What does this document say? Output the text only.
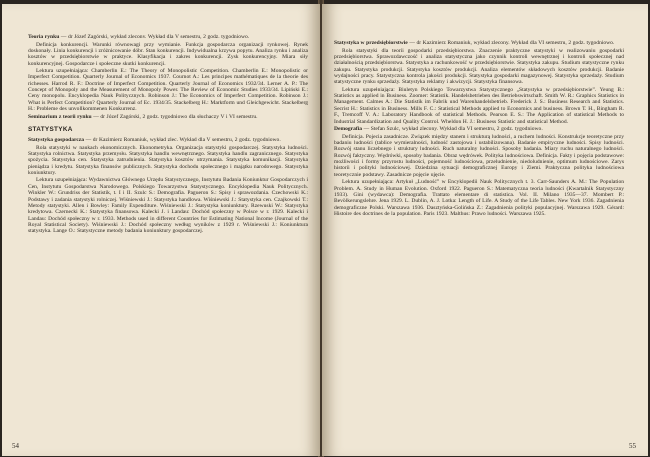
Teoria rynku — dr Józef Zagórski, wykład zleconv. Wykład dla V semestru, 2 godz. tygodniowo.

Definicja konkurencji. Warunki równowagi przy wymianie. Funkcja gospodarcza organizacji rynkowej. Rynek doskonały. Linia konkurencji i zróżnicowanie dóbr. Stan konkurencji. Indywidualna krzywa popytu. Analiza rynku i analiza kosztów w przedsiębiorstwie w praktyce. Klasyfikacja i zakres konkurencji. Zysk konkurencyjny. Miara siły konkurencyjnej. Gospodarcze i społeczne skutki konkurencji.

Lektura uzupełniająca: Chamberlin E.: The Theory of Monopolistic Competition. Chamberlin E.: Monopolistic or Imperfect Competition. Quarterly Journal of Economics 1937. Cournot A.: Les principes mathématiques de la theorie des richesses. Harrod R. F.: Doctrine of Imperfect Competition. Quarterly Journal of Economics 1932/34. Lerner A. P.: The Concept of Monopoly and the Measurement of Monopoly Power. The Review of Economic Studies 1933/34. Lipiński E.: Ceny monopolu. Encyklopedia Nauk Politycznych. Robinson J.: The Economics of Imperfect Competition. Robinson J.: What is Perfect Competition? Quarterly Journal of Ec. 1934/35. Stackelberg H.: Marktform und Gleichgewicht. Stackelberg H.: Probleme des unvollkommenen Konkurrenz.

Seminarium z teorii rynku — dr Józef Zagórski, 2 godz. tygodniowo dla słuchaczy V i VI semestru.

STATYSTYKA

Statystyka gospodarcza — dr Kazimierz Romaniuk, wykład zlec. Wykład dla V semestru, 2 godz. tygodniowo.

Rola statystyki w naukach ekonomicznych. Ekonometryka. Organizacja statystyki gospodarczej. Statystyka ludności. Statystyka rolnictwa. Statystyka przemysłu. Statystyka handlu wewnętrznego. Statystyka handlu zagranicznego. Statystyka spożycia. Statystyka cen. Statystyka zatrudnienia. Statystyka kosztów utrzymania. Statystyka komunikacji. Statystyka pieniądza i kredytu. Statystyka finansów publicznych. Statystyka dochodu społecznego i majątku narodowego. Statystyka koniunktury.

Lektura uzupełniająca: Wydawnictwa Głównego Urzędu Statystycznego, Instytutu Badania Koniunktur Gospodarczych i Cen, Instytutu Gospodarstwa Narodowego. Polskiego Towarzystwa Statystycznego. Encyklopedia Nauk Politycznych. Winkler W.: Grundriss der Statistik, t. I i II. Szulc S.: Demografia. Pagueron S.: Spisy i sprawozdania. Czechowski K.: Podstawy i zadania statystyki rolniczej. Wiśniewski J.: Statystyka handlowa. Wiśniewski J.: Statystyka cen. Czajkowski T.: Metody statystyki. Allen i Bowley: Family Expenditure. Wiśniewski J.: Statystyka koniunktury. Rzewuski W.: Statystyka kredytowa. Czernecki K.: Statystyka finansowa. Kalecki J. i Landau: Dochód społeczny w Polsce w r. 1929. Kalecki i Landau: Dochód społeczny w r. 1933. Methods used in different Countries for Estimating National Income (Journal of the Royal Statistical Society). Wiśniewski J.: Dochód społeczny według wyników z 1929 r. Wiśniewski J.: Koniunktura statystyka. Lange O.: Statystyczne metody badania koniunktury gospodarczej.

54

Statystyka w przedsiębiorstwie — dr Kazimierz Romaniuk, wykład zlecony. Wykład dla VI semestru, 2 godz. tygodniowo.

Rola statystyki dla teorii gospodarki przedsiębiorstwa. Znaczenie praktyczne statystyki w realizowaniu gospodarki przedsiębiorstwa. Sprawozdawczość i analiza statystyczna jako czynnik kontroli wewnętrznej i kontroli społecznej nad działalnością przedsiębiorstwa. Statystyka a rachunkowość w przedsiębiorstwie. Statystyka zakupu. Studium statystyczne rynku zakupu. Statystyka produkcji. Statystyka kosztów produkcji. Analiza elementów składowych kosztów produkcji. Badanie wydajności pracy. Statystyczna kontrola jakości produkcji. Statystyka gospodarki magazynowej. Statystyka sprzedaży. Studium statystyczne rynku sprzedaży. Statystyka reklamy i akwizycji. Statystyka finansowa.

Lektura uzupełniająca: Biuletyn Polskiego Towarzystwa Statystycznego „Statystyka w przedsiębiorstwie”. Yeung B.: Statistics as applied in Business. Zoomer: Statistik. Handelsbetrieben des Betriebswirtschaft. Smith W. R.: Graphics Statistics in Management. Calmes A.: Die Statistik im Fabrik und Warenhandelsbetrieb. Frederick J. S.: Business Research and Statistics. Secrist H.: Statistics in Business. Mills F. C.: Statistical Methods applied to Economics and business. Brown T. H., Bingham R. F., Tremcoff V. A.: Laboratory Handbook of statistical Methods. Pearson E. S.: The Application of statistical Methods to Industrial Standardization and Quality Control. Wheldon H. J.: Business Statistic and statistical Method.

Demografia — Stefan Szulc, wykład zlecony. Wykład dla VI semestru, 2 godz. tygodniowo.

Definicja. Pojecia zasadnicze. Związek między stanem i strukturą ludności, a ruchem ludności. Konstrukcje teoretyczne przy badaniu ludności (tablice wymieralności, ludność zastojowa i ustabilizowana). Badanie empiryczne ludności. Spisy ludności. Rozwój stanu liczebnego i struktury ludności. Ruch naturalny ludności. Sposoby badania. Miary ruchu naturalnego ludności. Rozwój faktyczny. Wędrówki, sposoby badania. Obraz wędrówek. Polityka ludnościowa. Definicja. Fakty i pojęcia podstawowe: możliwości i formy przyrostu ludności, pojemność ludnościowa, przeludnienie, niedoludnienie, optimum ludnościowe. Zarys historii i polityki ludnościowej. Dziedzina sytuacji demograficznej Europy i Ziemi. Praktyczna polityka ludnościowa teoretycznie podstawy. Zasadnicze pojęcie ujęcie.

Lektura uzupełniająca: Artykuł „Ludność” w Encyklopedii Nauk Politycznych t. 3. Carr-Saunders A. M.: The Population Problem. A. Study in Human Evolution. Oxford 1922. Pagueron S.: Matematyczna teoria ludności (Kwartalnik Statystyczny 1933). Gini (wydawca): Demografia. Trattato elementare di statistica. Vol. II. Milano 1935—37. Mombert P.: Bevölkerungslehre. Jena 1929. L. Dublin, A. J. Lotka: Length of Life. A Study of the Life Tables. New York 1936. Zagadnienia demograficzne Polski. Warszawa 1936. Dasztyńska-Golińska Z.: Zagadnienia polityki populacyjnej. Warszawa 1929. Gérard: Histoire des doctrines de la population. Paris 1923. Malthus: Prawo ludności. Warszawa 1925.

55
